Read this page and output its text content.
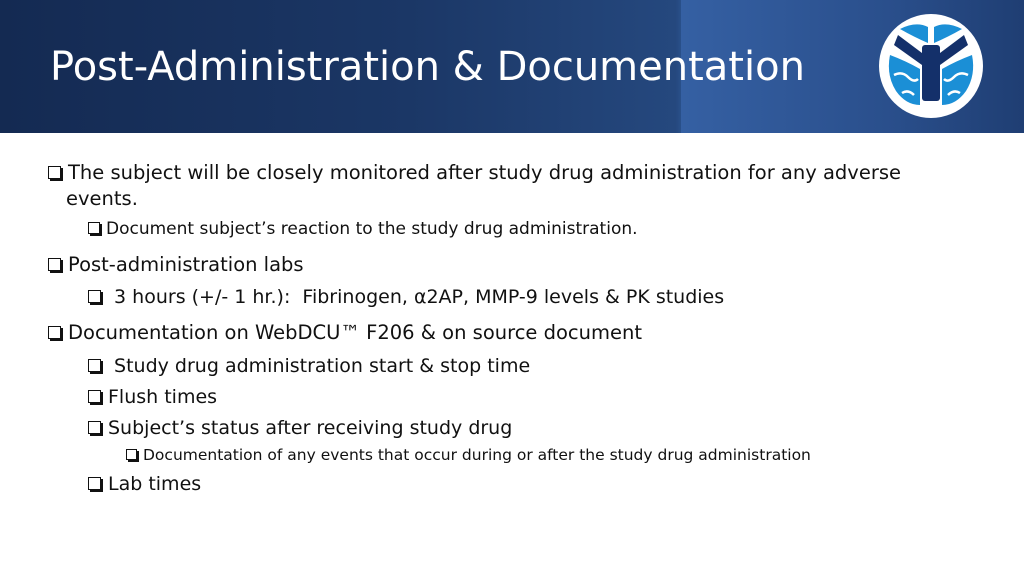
Post-Administration & Documentation
The subject will be closely monitored after study drug administration for any adverse
events.
Document subject’s reaction to the study drug administration.
Post-administration labs
3 hours (+/- 1 hr.):  Fibrinogen, α2AP, MMP-9 levels & PK studies
Documentation on WebDCU™ F206 & on source document
Study drug administration start & stop time
Flush times
Subject’s status after receiving study drug
Documentation of any events that occur during or after the study drug administration
Lab times
